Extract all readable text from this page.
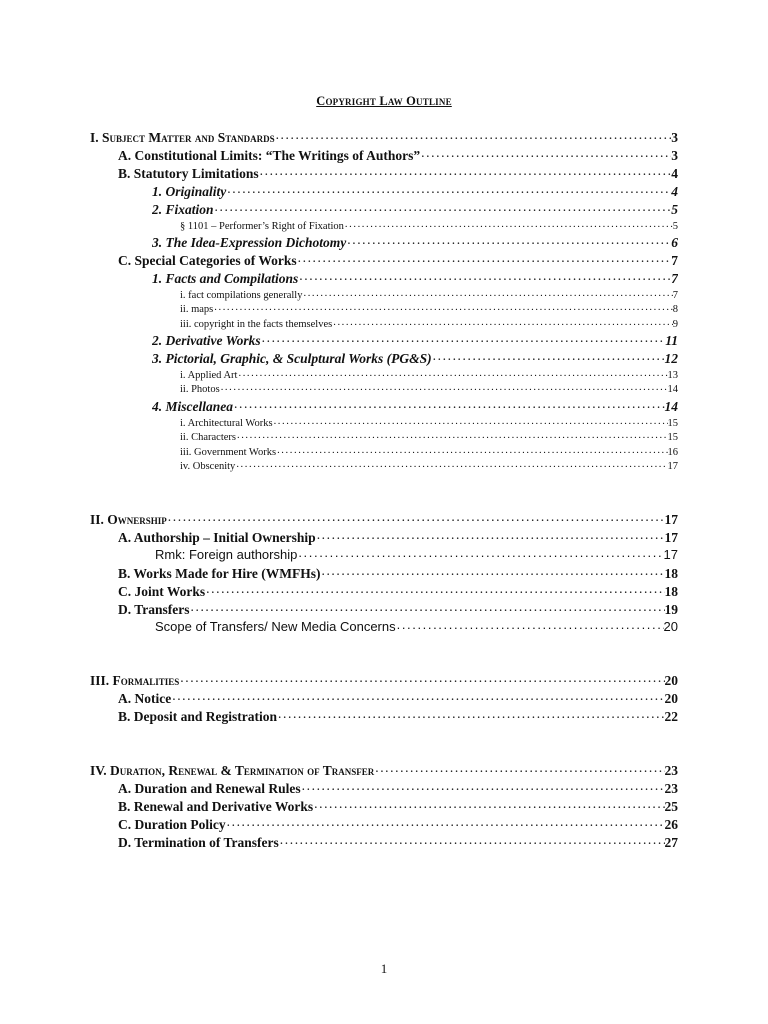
Copyright Law Outline
I. Subject Matter and Standards .....	3
A. Constitutional Limits: “The Writings of Authors” .....	3
B. Statutory Limitations .....	4
1. Originality .....	4
2. Fixation .....	5
§ 1101 – Performer’s Right of Fixation .....	5
3. The Idea-Expression Dichotomy .....	6
C. Special Categories of Works .....	7
1. Facts and Compilations .....	7
i. fact compilations generally .....	7
ii. maps .....	8
iii. copyright in the facts themselves .....	9
2. Derivative Works .....	11
3. Pictorial, Graphic, & Sculptural Works (PG&S) .....	12
i. Applied Art .....	13
ii. Photos .....	14
4. Miscellanea .....	14
i. Architectural Works .....	15
ii. Characters .....	15
iii. Government Works .....	16
iv. Obscenity .....	17
II. Ownership .....	17
A. Authorship – Initial Ownership .....	17
Rmk: Foreign authorship .....	17
B. Works Made for Hire (WMFHs) .....	18
C. Joint Works .....	18
D. Transfers .....	19
Scope of Transfers/ New Media Concerns .....	20
III. Formalities .....	20
A. Notice .....	20
B. Deposit and Registration .....	22
IV. Duration, Renewal & Termination of Transfer .....	23
A. Duration and Renewal Rules .....	23
B. Renewal and Derivative Works .....	25
C. Duration Policy .....	26
D. Termination of Transfers .....	27
1
